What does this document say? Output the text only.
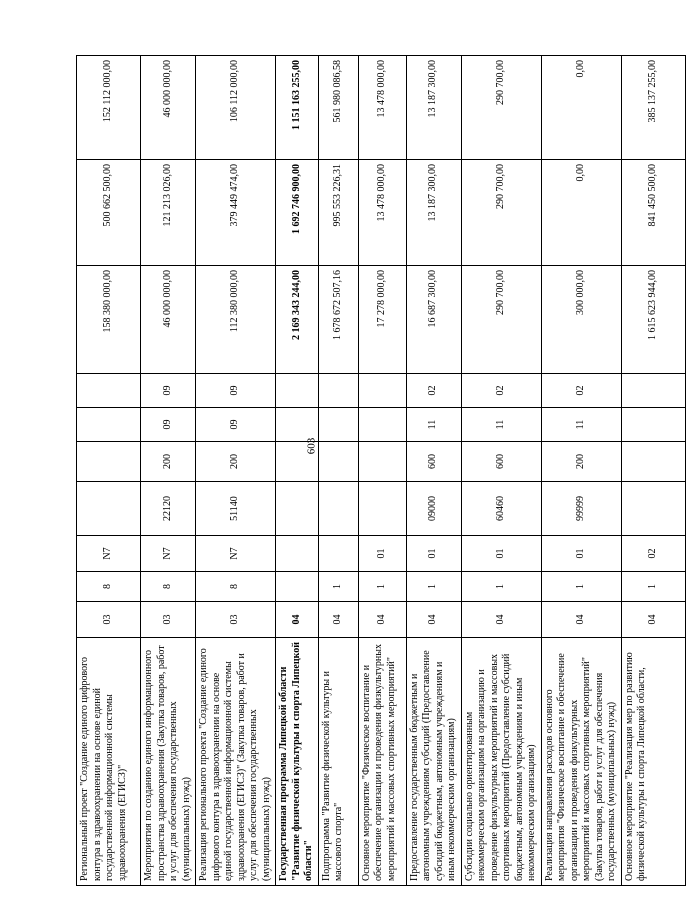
603
Региональный проект "Создание единого цифрового контура в здравоохранении на основе единой государственной информационной системы здравоохранения (ЕГИСЗ)"	03	8	N7					158 380 000,00	500 662 500,00	152 112 000,00
Мероприятия по созданию единого информационного пространства здравоохранения (Закупка товаров, работ и услуг для обеспечения государственных (муниципальных) нужд)	03	8	N7	22120	200	09	09	46 000 000,00	121 213 026,00	46 000 000,00
Реализация регионального проекта "Создание единого цифрового контура в здравоохранении на основе единой государственной информационной системы здравоохранения (ЕГИСЗ)" (Закупка товаров, работ и услуг для обеспечения государственных (муниципальных) нужд)	03	8	N7	51140	200	09	09	112 380 000,00	379 449 474,00	106 112 000,00
Государственная программа Липецкой области "Развитие физической культуры и спорта Липецкой области"	04							2 169 343 244,00	1 692 746 900,00	1 151 163 255,00
Подпрограмма "Развитие физической культуры и массового спорта"	04	1						1 678 672 507,16	995 553 226,31	561 980 086,58
Основное мероприятие "Физическое воспитание и обеспечение организации и проведения физкультурных мероприятий и массовых спортивных мероприятий"	04	1	01					17 278 000,00	13 478 000,00	13 478 000,00
Предоставление государственным бюджетным и автономным учреждениям субсидий (Предоставление субсидий бюджетным, автономным учреждениям и иным некоммерческим организациям)	04	1	01	09000	600	11	02	16 687 300,00	13 187 300,00	13 187 300,00
Субсидии социально ориентированным некоммерческим организациям на организацию и проведение физкультурных мероприятий и массовых спортивных мероприятий (Предоставление субсидий бюджетным, автономным учреждениям и иным некоммерческим организациям)	04	1	01	60460	600	11	02	290 700,00	290 700,00	290 700,00
Реализация направления расходов основного мероприятия "Физическое воспитание и обеспечение организации и проведения физкультурных мероприятий и массовых спортивных мероприятий" (Закупка товаров, работ и услуг для обеспечения государственных (муниципальных) нужд)	04	1	01	99999	200	11	02	300 000,00	0,00	0,00
Основное мероприятие "Реализация мер по развитию физической культуры и спорта Липецкой области,	04	1	02					1 615 623 944,00	841 450 500,00	385 137 255,00
